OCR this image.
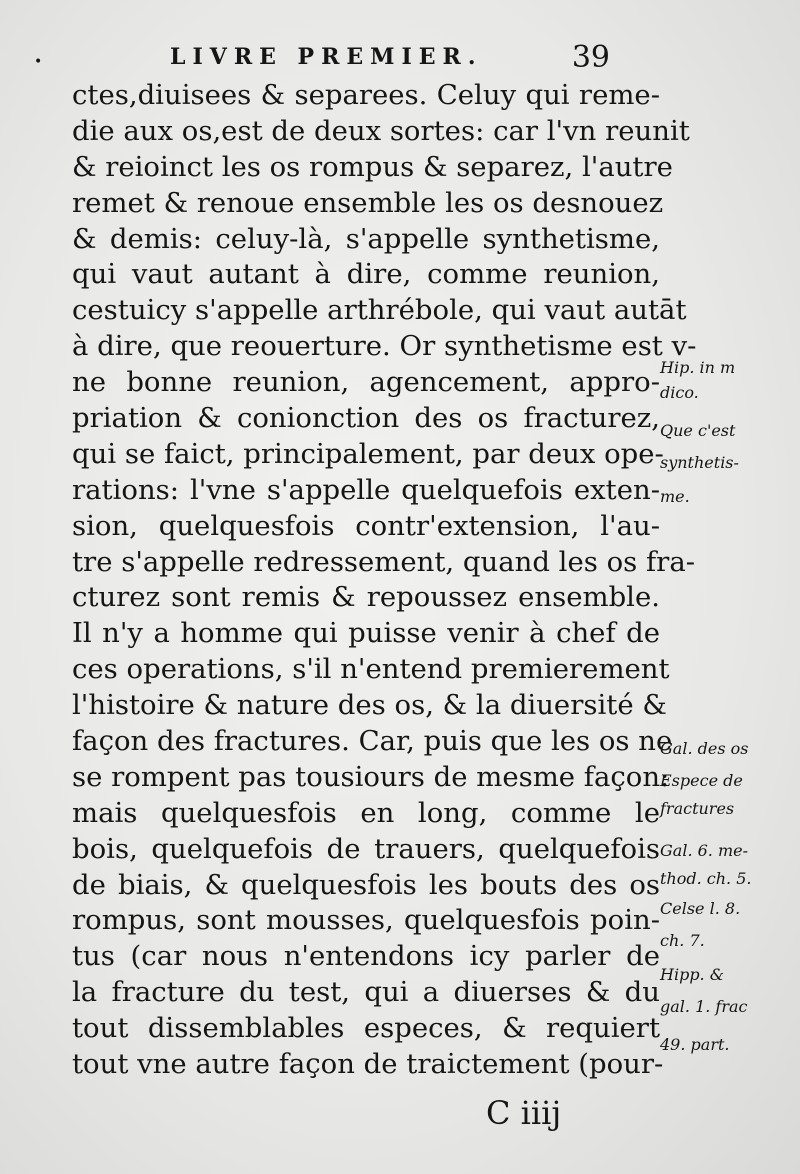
•	LIVRE PREMIER.	39
ctes,diuisees & separees. Celuy qui reme-
die aux os,est de deux sortes: car l'vn reunit
& reioinct les os rompus & separez, l'autre
remet & renoue ensemble les os desnouez
& demis: celuy-là, s'appelle synthetisme,
qui vaut autant à dire, comme reunion,
cestuicy s'appelle arthrébole, qui vaut autāt
à dire, que reouerture. Or synthetisme est v-
ne bonne reunion, agencement, appro-
priation & conionction des os fracturez,
qui se faict, principalement, par deux ope-
rations: l'vne s'appelle quelquefois exten-
sion, quelquesfois contr'extension, l'au-
tre s'appelle redressement, quand les os fra-
cturez sont remis & repoussez ensemble.
Il n'y a homme qui puisse venir à chef de
ces operations, s'il n'entend premierement
l'histoire & nature des os, & la diuersité &
façon des fractures. Car, puis que les os ne
se rompent pas tousiours de mesme façon:
mais quelquesfois en long, comme le
bois, quelquefois de trauers, quelquefois
de biais, & quelquesfois les bouts des os
rompus, sont mousses, quelquesfois poin-
tus (car nous n'entendons icy parler de
la fracture du test, qui a diuerses & du
tout dissemblables especes, & requiert
tout vne autre façon de traictement (pour-
Hip. in m
dico.
Que c'est
synthetis-
me.
Gal. des os
Espece de
fractures
Gal. 6. me-
thod. ch. 5.
Celse l. 8.
ch. 7.
Hipp. &
gal. 1. frac
49. part.
C iiij
